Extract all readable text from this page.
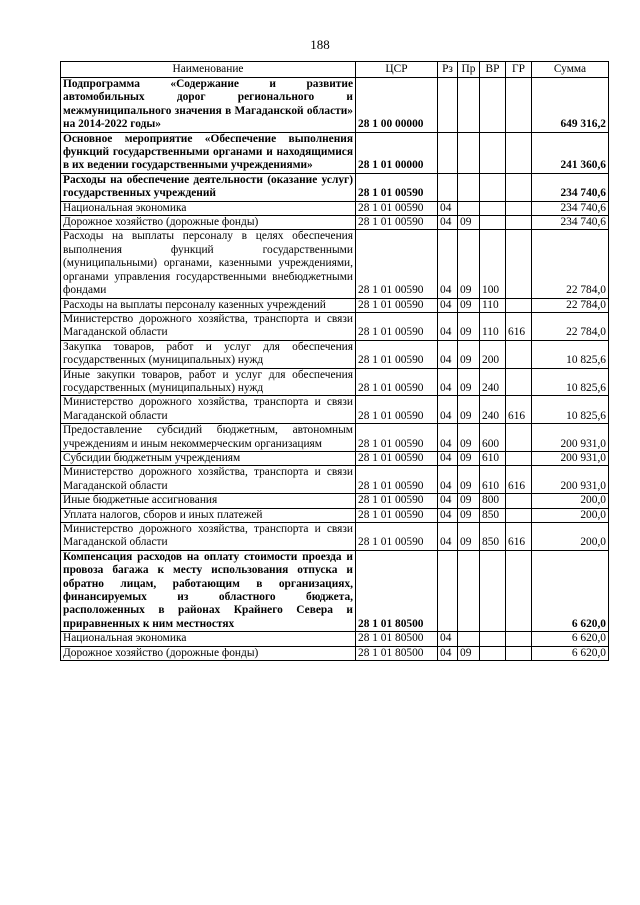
188
Наименование	ЦСР	Рз	Пр	ВР	ГР	Сумма
Подпрограмма «Содержание и развитие автомобильных дорог регионального и межмуниципального значения в Магаданской области» на 2014-2022 годы»	28 1 00 00000					649 316,2
Основное мероприятие «Обеспечение выполнения функций государственными органами и находящимися в их ведении государственными учреждениями»	28 1 01 00000					241 360,6
Расходы на обеспечение деятельности (оказание услуг) государственных учреждений	28 1 01 00590					234 740,6
Национальная экономика	28 1 01 00590	04				234 740,6
Дорожное хозяйство (дорожные фонды)	28 1 01 00590	04	09			234 740,6
Расходы на выплаты персоналу в целях обеспечения выполнения функций государственными (муниципальными) органами, казенными учреждениями, органами управления государственными внебюджетными фондами	28 1 01 00590	04	09	100		22 784,0
Расходы на выплаты персоналу казенных учреждений	28 1 01 00590	04	09	110		22 784,0
Министерство дорожного хозяйства, транспорта и связи Магаданской области	28 1 01 00590	04	09	110	616	22 784,0
Закупка товаров, работ и услуг для обеспечения государственных (муниципальных) нужд	28 1 01 00590	04	09	200		10 825,6
Иные закупки товаров, работ и услуг для обеспечения государственных (муниципальных) нужд	28 1 01 00590	04	09	240		10 825,6
Министерство дорожного хозяйства, транспорта и связи Магаданской области	28 1 01 00590	04	09	240	616	10 825,6
Предоставление субсидий бюджетным, автономным учреждениям и иным некоммерческим организациям	28 1 01 00590	04	09	600		200 931,0
Субсидии бюджетным учреждениям	28 1 01 00590	04	09	610		200 931,0
Министерство дорожного хозяйства, транспорта и связи Магаданской области	28 1 01 00590	04	09	610	616	200 931,0
Иные бюджетные ассигнования	28 1 01 00590	04	09	800		200,0
Уплата налогов, сборов и иных платежей	28 1 01 00590	04	09	850		200,0
Министерство дорожного хозяйства, транспорта и связи Магаданской области	28 1 01 00590	04	09	850	616	200,0
Компенсация расходов на оплату стоимости проезда и провоза багажа к месту использования отпуска и обратно лицам, работающим в организациях, финансируемых из областного бюджета, расположенных в районах Крайнего Севера и приравненных к ним местностях	28 1 01 80500					6 620,0
Национальная экономика	28 1 01 80500	04				6 620,0
Дорожное хозяйство (дорожные фонды)	28 1 01 80500	04	09			6 620,0
